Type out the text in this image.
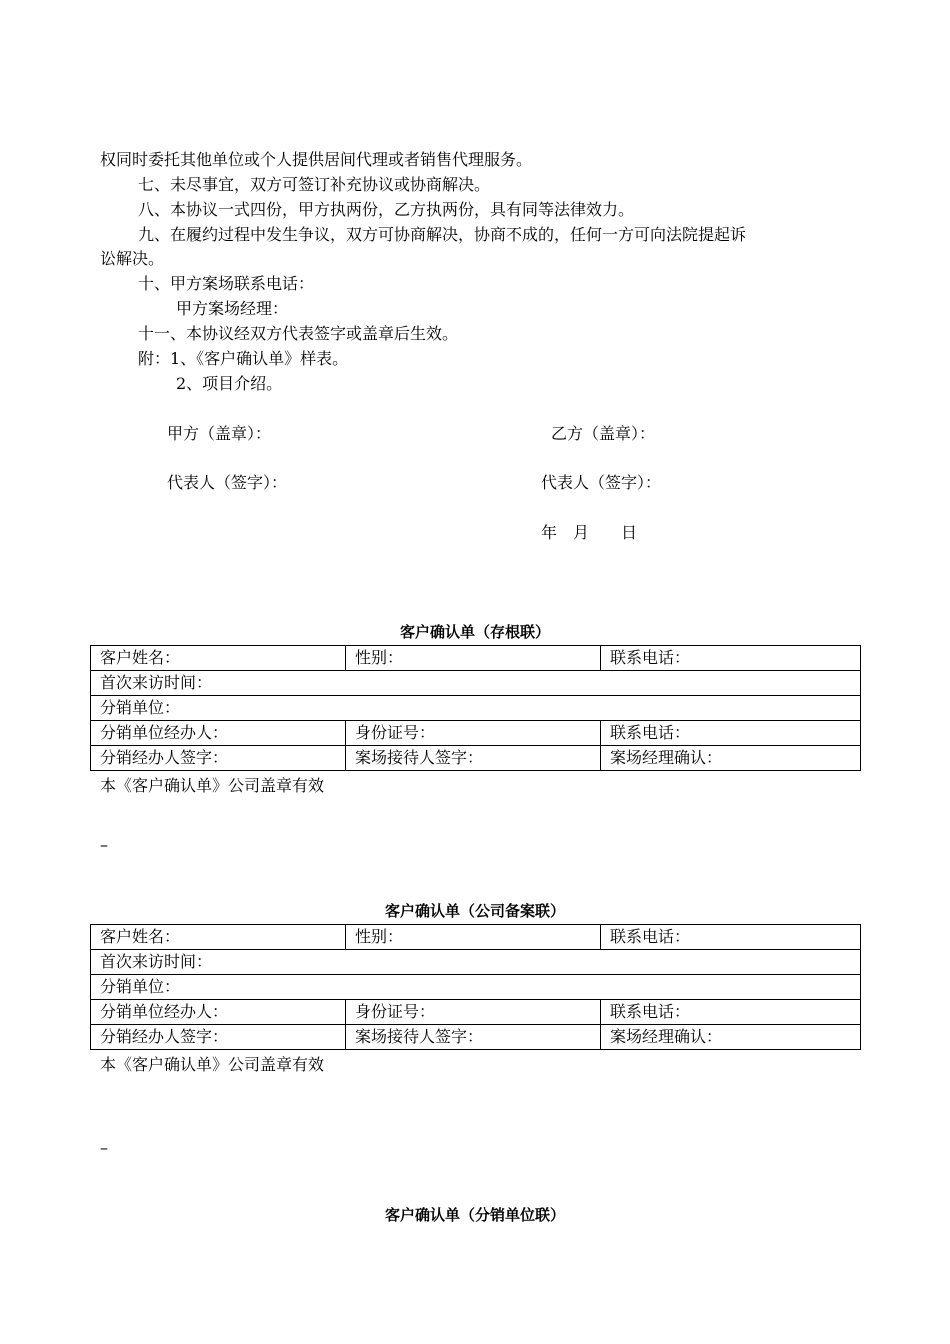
权同时委托其他单位或个人提供居间代理或者销售代理服务。
七、未尽事宜，双方可签订补充协议或协商解决。
八、本协议一式四份，甲方执两份，乙方执两份，具有同等法律效力。
九、在履约过程中发生争议，双方可协商解决，协商不成的，任何一方可向法院提起诉
讼解决。
十、甲方案场联系电话：
甲方案场经理：
十一、本协议经双方代表签字或盖章后生效。
附：1、《客户确认单》样表。
2、项目介绍。
甲方（盖章）：	乙方（盖章）：
代表人（签字）：	代表人（签字）：
年　月　　日
客户确认单（存根联）
客户姓名：	性别：	联系电话：
首次来访时间：		
分销单位：		
分销单位经办人：	身份证号：	联系电话：
分销经办人签字：	案场接待人签字：	案场经理确认：
本《客户确认单》公司盖章有效
–
客户确认单（公司备案联）
客户姓名：	性别：	联系电话：
首次来访时间：		
分销单位：		
分销单位经办人：	身份证号：	联系电话：
分销经办人签字：	案场接待人签字：	案场经理确认：
本《客户确认单》公司盖章有效
–
客户确认单（分销单位联）
